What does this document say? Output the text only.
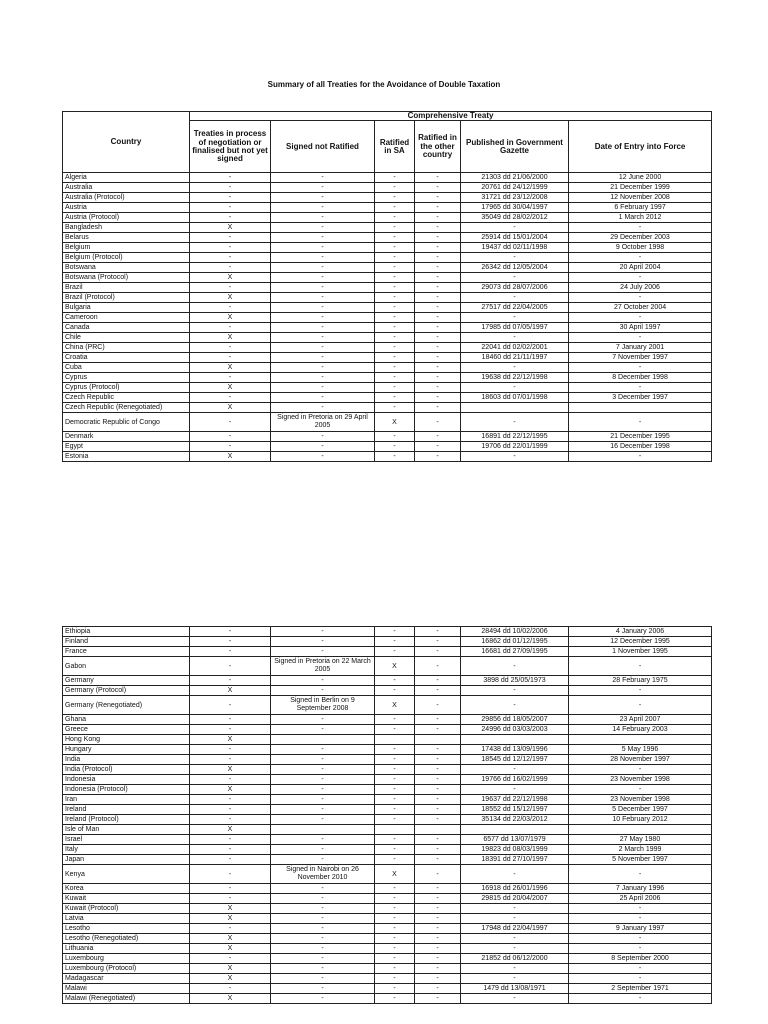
Summary of all Treaties for the Avoidance of Double Taxation
Country	Comprehensive Treaty					
	Treaties in process of negotiation or finalised but not yet signed	Signed not Ratified	Ratified in SA	Ratified in the other country	Published in Government Gazette	Date of Entry into Force
Algeria	-	-	-	-	21303 dd 21/06/2000	12 June 2000
Australia	-	-	-	-	20761 dd 24/12/1999	21 December 1999
Australia (Protocol)	-	-	-	-	31721 dd 23/12/2008	12 November 2008
Austria	-	-	-	-	17965 dd 30/04/1997	6 February 1997
Austria (Protocol)	-	-	-	-	35049 dd 28/02/2012	1 March 2012
Bangladesh	X	-	-	-	-	-
Belarus	-	-	-	-	25914 dd 15/01/2004	29 December 2003
Belgium	-	-	-	-	19437 dd 02/11/1998	9 October 1998
Belgium (Protocol)	-	-	-	-	-	-
Botswana	-	-	-	-	26342 dd 12/05/2004	20 April 2004
Botswana (Protocol)	X	-	-	-	-	-
Brazil	-	-	-	-	29073 dd 28/07/2006	24 July 2006
Brazil (Protocol)	X	-	-	-	-	-
Bulgaria	-	-	-	-	27517 dd 22/04/2005	27 October 2004
Cameroon	X	-	-	-	-	-
Canada	-	-	-	-	17985 dd 07/05/1997	30 April 1997
Chile	X	-	-	-	-	-
China (PRC)	-	-	-	-	22041 dd 02/02/2001	7 January 2001
Croatia	-	-	-	-	18460 dd 21/11/1997	7 November 1997
Cuba	X	-	-	-	-	-
Cyprus	-	-	-	-	19638 dd 22/12/1998	8 December 1998
Cyprus (Protocol)	X	-	-	-	-	-
Czech Republic	-	-	-	-	18603 dd 07/01/1998	3 December 1997
Czech Republic (Renegotiated)	X	-	-	-		
Democratic Republic of Congo	-	Signed in Pretoria on 29 April 2005	X	-	-	-
Denmark	-	-	-	-	16891 dd 22/12/1995	21 December 1995
Egypt	-	-	-	-	19706 dd 22/01/1999	16 December 1998
Estonia	X	-	-	-	-	-
Ethiopia	-	-	-	-	28494 dd 10/02/2006	4 January 2006
Finland	-	-	-	-	16862 dd 01/12/1995	12 December 1995
France	-	-	-	-	16681 dd 27/09/1995	1 November 1995
Gabon	-	Signed in Pretoria on 22 March 2005	X	-	-	-
Germany	-	-	-	-	3898 dd 25/05/1973	28 February 1975
Germany (Protocol)	X	-	-	-	-	-
Germany (Renegotiated)	-	Signed in Berlin on 9 September 2008	X	-	-	-
Ghana	-	-	-	-	29856 dd 18/05/2007	23 April 2007
Greece	-	-	-	-	24996 dd 03/03/2003	14 February 2003
Hong Kong	X					
Hungary	-	-	-	-	17438 dd 13/09/1996	5 May 1996
India	-	-	-	-	18545 dd 12/12/1997	28 November 1997
India (Protocol)	X	-	-	-	-	-
Indonesia	-	-	-	-	19766 dd 16/02/1999	23 November 1998
Indonesia (Protocol)	X	-	-	-	-	-
Iran	-	-	-	-	19637 dd 22/12/1998	23 November 1998
Ireland	-	-	-	-	18552 dd 15/12/1997	5 December 1997
Ireland (Protocol)	-	-	-	-	35134 dd 22/03/2012	10 February 2012
Isle of Man	X					
Israel	-	-	-	-	6577 dd 13/07/1979	27 May 1980
Italy	-	-	-	-	19823 dd 08/03/1999	2 March 1999
Japan	-	-	-	-	18391 dd 27/10/1997	5 November 1997
Kenya	-	Signed in Nairobi on 26 November 2010	X	-	-	-
Korea	-	-	-	-	16918 dd 26/01/1996	7 January 1996
Kuwait	-	-	-	-	29815 dd 20/04/2007	25 April 2006
Kuwait (Protocol)	X	-	-	-	-	-
Latvia	X	-	-	-	-	-
Lesotho	-	-	-	-	17948 dd 22/04/1997	9 January 1997
Lesotho (Renegotiated)	X	-	-	-	-	-
Lithuania	X	-	-	-	-	-
Luxembourg	-	-	-	-	21852 dd 06/12/2000	8 September 2000
Luxembourg (Protocol)	X	-	-	-	-	-
Madagascar	X	-	-	-	-	-
Malawi	-	-	-	-	1479 dd 13/08/1971	2 September 1971
Malawi (Renegotiated)	X	-	-	-	-	-
